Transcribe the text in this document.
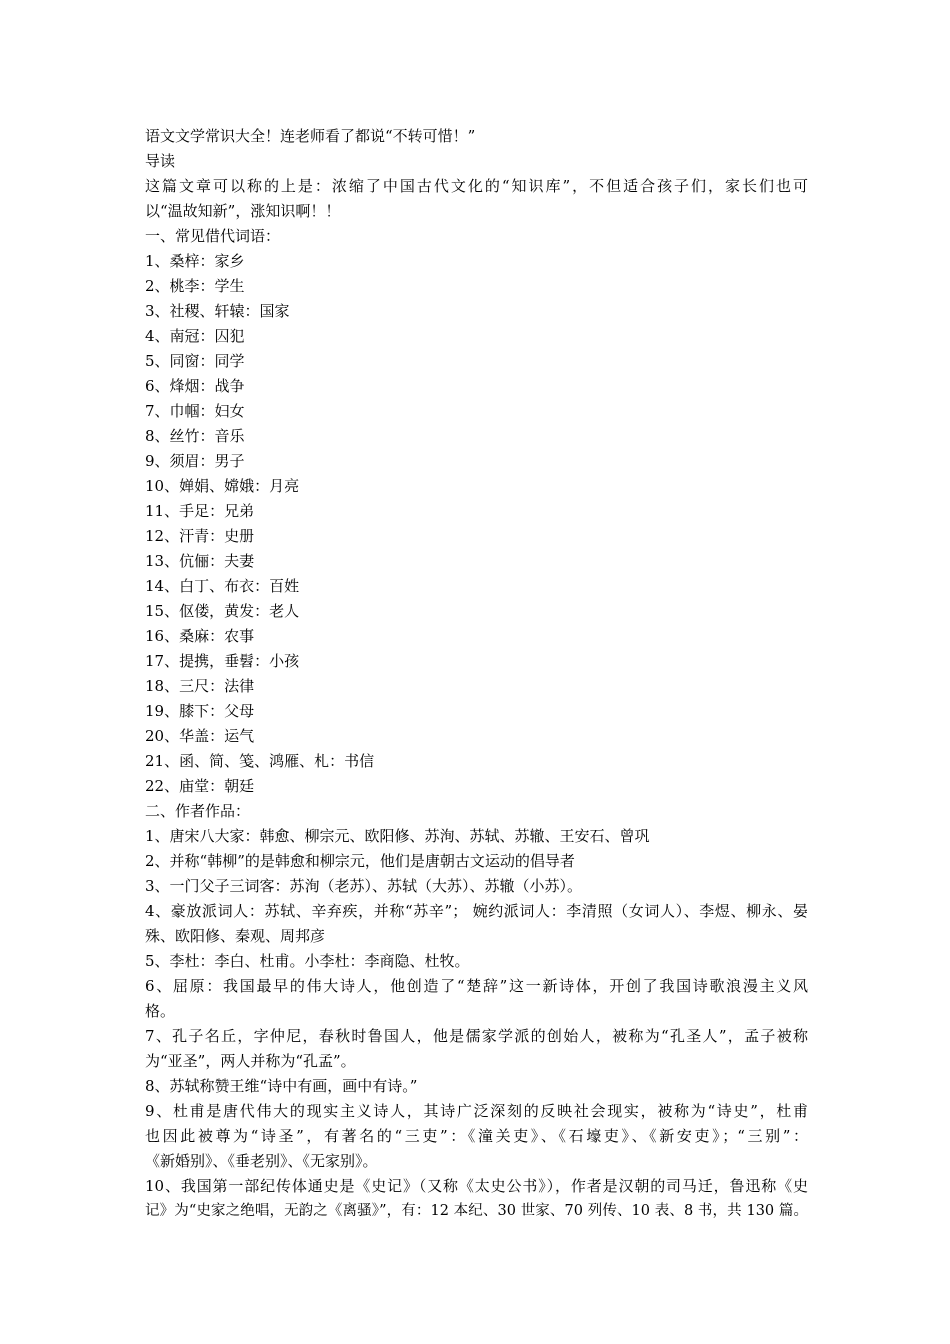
语文文学常识大全！连老师看了都说“不转可惜！”
导读
这篇文章可以称的上是：浓缩了中国古代文化的“知识库”，不但适合孩子们，家长们也可
以“温故知新”，涨知识啊！！
一、常见借代词语：
1、桑梓：家乡
2、桃李：学生
3、社稷、轩辕：国家
4、南冠：囚犯
5、同窗：同学
6、烽烟：战争
7、巾帼：妇女
8、丝竹：音乐
9、须眉：男子
10、婵娟、嫦娥：月亮
11、手足：兄弟
12、汗青：史册
13、伉俪：夫妻
14、白丁、布衣：百姓
15、伛偻，黄发：老人
16、桑麻：农事
17、提携，垂髫：小孩
18、三尺：法律
19、膝下：父母
20、华盖：运气
21、函、简、笺、鸿雁、札：书信
22、庙堂：朝廷
二、作者作品：
1、唐宋八大家：韩愈、柳宗元、欧阳修、苏洵、苏轼、苏辙、王安石、曾巩
2、并称“韩柳”的是韩愈和柳宗元，他们是唐朝古文运动的倡导者
3、一门父子三词客：苏洵（老苏）、苏轼（大苏）、苏辙（小苏）。
4、豪放派词人：苏轼、辛弃疾，并称“苏辛”； 婉约派词人：李清照（女词人）、李煜、柳永、晏
殊、欧阳修、秦观、周邦彦
5、李杜：李白、杜甫。小李杜：李商隐、杜牧。
6、屈原：我国最早的伟大诗人，他创造了“楚辞”这一新诗体，开创了我国诗歌浪漫主义风
格。
7、孔子名丘，字仲尼，春秋时鲁国人，他是儒家学派的创始人，被称为“孔圣人”，孟子被称
为“亚圣”，两人并称为“孔孟”。
8、苏轼称赞王维“诗中有画，画中有诗。”
9、杜甫是唐代伟大的现实主义诗人，其诗广泛深刻的反映社会现实，被称为“诗史”，杜甫
也因此被尊为“诗圣”，有著名的“三吏”：《潼关吏》、《石壕吏》、《新安吏》；“三别”：
《新婚别》、《垂老别》、《无家别》。
10、我国第一部纪传体通史是《史记》（又称《太史公书》），作者是汉朝的司马迁，鲁迅称《史
记》为“史家之绝唱，无韵之《离骚》”，有：12 本纪、30 世家、70 列传、10 表、8 书，共 130 篇。
